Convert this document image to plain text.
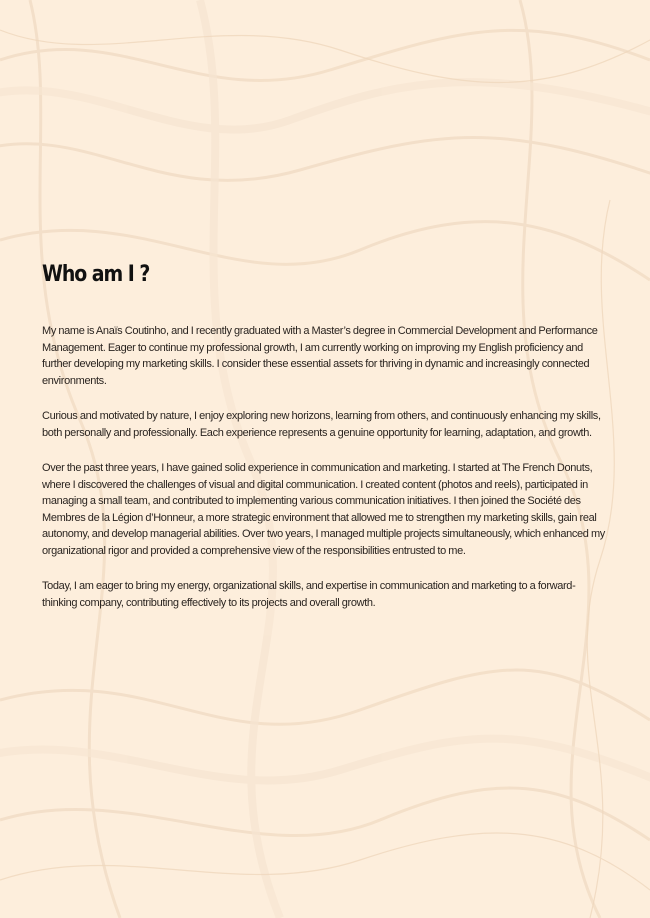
Who am I ?

My name is Anaïs Coutinho, and I recently graduated with a Master’s degree in Commercial Development and Performance Management. Eager to continue my professional growth, I am currently working on improving my English proficiency and further developing my marketing skills. I consider these essential assets for thriving in dynamic and increasingly connected environments.

Curious and motivated by nature, I enjoy exploring new horizons, learning from others, and continuously enhancing my skills, both personally and professionally. Each experience represents a genuine opportunity for learning, adaptation, and growth.

Over the past three years, I have gained solid experience in communication and marketing. I started at The French Donuts, where I discovered the challenges of visual and digital communication. I created content (photos and reels), participated in managing a small team, and contributed to implementing various communication initiatives. I then joined the Société des Membres de la Légion d’Honneur, a more strategic environment that allowed me to strengthen my marketing skills, gain real autonomy, and develop managerial abilities. Over two years, I managed multiple projects simultaneously, which enhanced my organizational rigor and provided a comprehensive view of the responsibilities entrusted to me.

Today, I am eager to bring my energy, organizational skills, and expertise in communication and marketing to a forward-thinking company, contributing effectively to its projects and overall growth.
